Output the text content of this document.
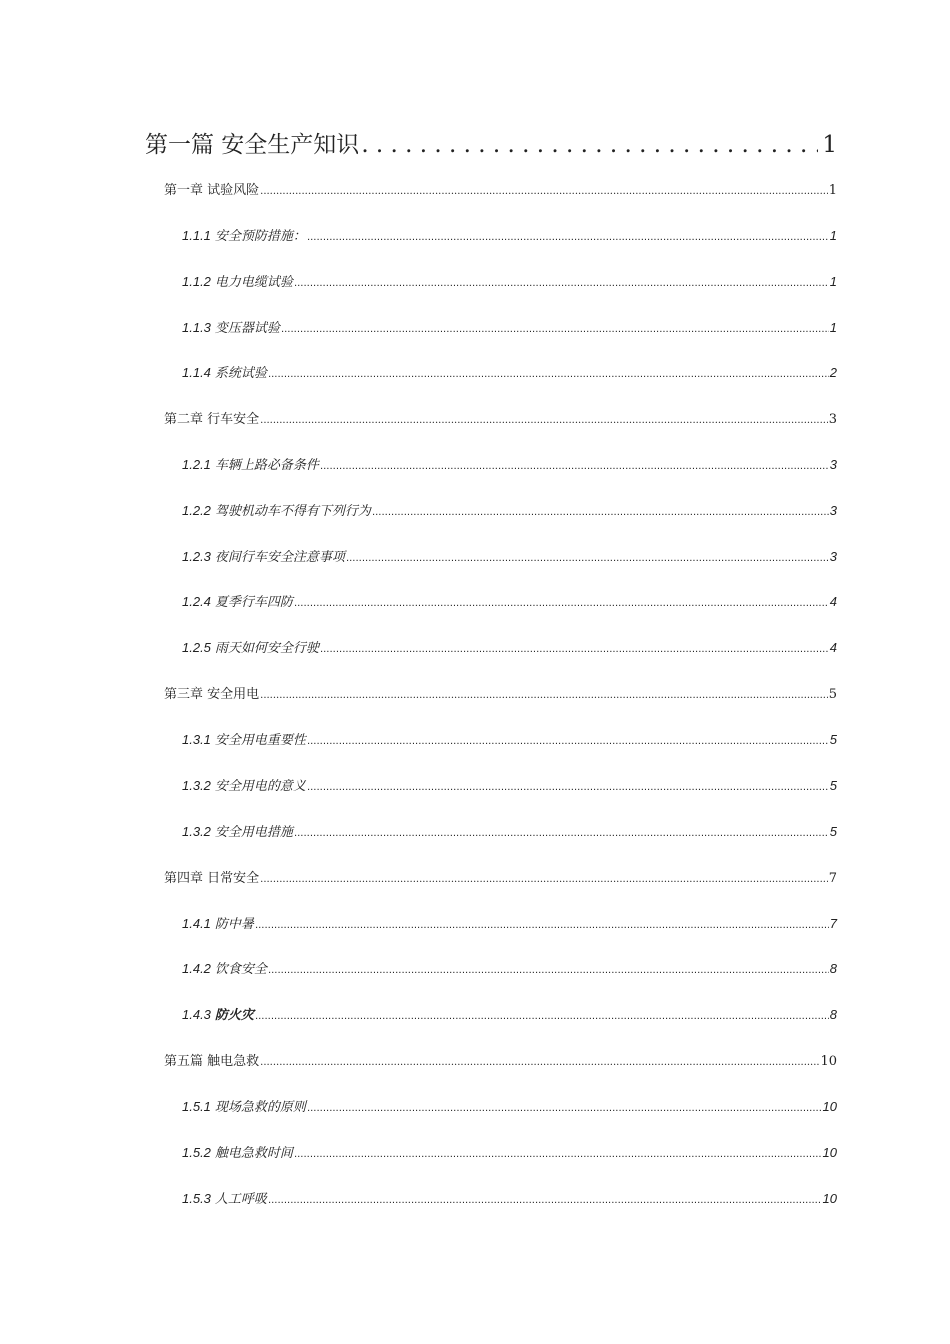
第一篇 安全生产知识 . . .	1
第一章 试验风险 .....	1
1.1.1 安全预防措施： .....	1
1.1.2 电力电缆试验 .....	1
1.1.3 变压器试验 .....	1
1.1.4 系统试验 .....	2
第二章 行车安全 .....	3
1.2.1 车辆上路必备条件 .....	3
1.2.2 驾驶机动车不得有下列行为 .....	3
1.2.3 夜间行车安全注意事项 .....	3
1.2.4 夏季行车四防 .....	4
1.2.5 雨天如何安全行驶 .....	4
第三章 安全用电 .....	5
1.3.1 安全用电重要性 .....	5
1.3.2 安全用电的意义 .....	5
1.3.2 安全用电措施 .....	5
第四章 日常安全 .....	7
1.4.1 防中暑 .....	7
1.4.2 饮食安全 .....	8
1.4.3 防火灾 .....	8
第五篇 触电急救 .....	10
1.5.1 现场急救的原则 .....	10
1.5.2 触电急救时间 .....	10
1.5.3 人工呼吸 .....	10
